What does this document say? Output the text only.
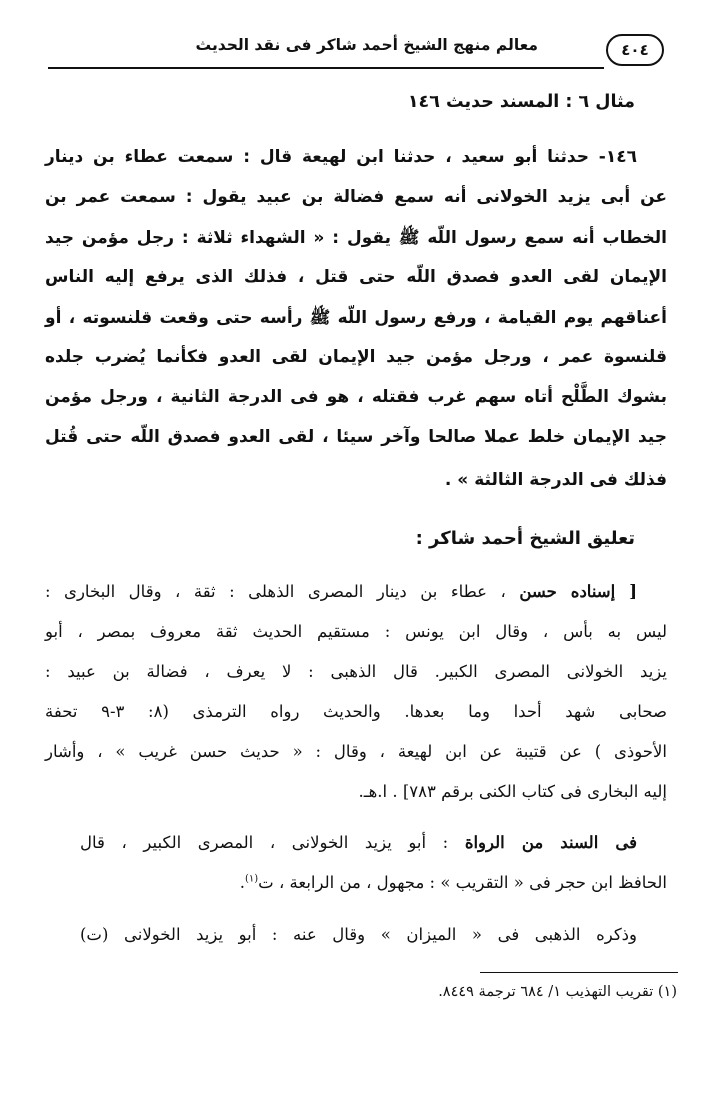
معالم منهج الشيخ أحمد شاكر فى نقد الحديث	٤٠٤
مثال ٦ : المسند حديث ١٤٦
١٤٦- حدثنا أبو سعيد ، حدثنا ابن لهيعة قال : سمعت عطاء بن دينار
عن أبى يزيد الخولانى أنه سمع فضالة بن عبيد يقول : سمعت عمر بن
الخطاب أنه سمع رسول اللّه ﷺ يقول : « الشهداء ثلاثة : رجل مؤمن جيد
الإيمان لقى العدو فصدق اللّه حتى قتل ، فذلك الذى يرفع إليه الناس
أعناقهم يوم القيامة ، ورفع رسول اللّه ﷺ رأسه حتى وقعت قلنسوته ، أو
قلنسوة عمر ، ورجل مؤمن جيد الإيمان لقى العدو فكأنما يُضرب جلده
بشوك الطَّلْح أتاه سهم غرب فقتله ، هو فى الدرجة الثانية ، ورجل مؤمن
جيد الإيمان خلط عملا صالحا وآخر سيئا ، لقى العدو فصدق اللّه حتى قُتل
فذلك فى الدرجة الثالثة » .
تعليق الشيخ أحمد شاكر :
[ إسناده حسن ، عطاء بن دينار المصرى الذهلى : ثقة ، وقال البخارى :
ليس به بأس ، وقال ابن يونس : مستقيم الحديث ثقة معروف بمصر ، أبو
يزيد الخولانى المصرى الكبير. قال الذهبى : لا يعرف ، فضالة بن عبيد :
صحابى شهد أحدا وما بعدها. والحديث رواه الترمذى (٨: ٣-٩ تحفة
الأحوذى ) عن قتيبة عن ابن لهيعة ، وقال : « حديث حسن غريب » ، وأشار
إليه البخارى فى كتاب الكنى برقم ٧٨٣] . ا.هـ.
فى السند من الرواة : أبو يزيد الخولانى ، المصرى الكبير ، قال
الحافظ ابن حجر فى « التقريب » : مجهول ، من الرابعة ، ت$^{(١)}$.
وذكره الذهبى فى « الميزان » وقال عنه : أبو يزيد الخولانى (ت)
(١) تقريب التهذيب ١/ ٦٨٤ ترجمة ٨٤٤٩.
